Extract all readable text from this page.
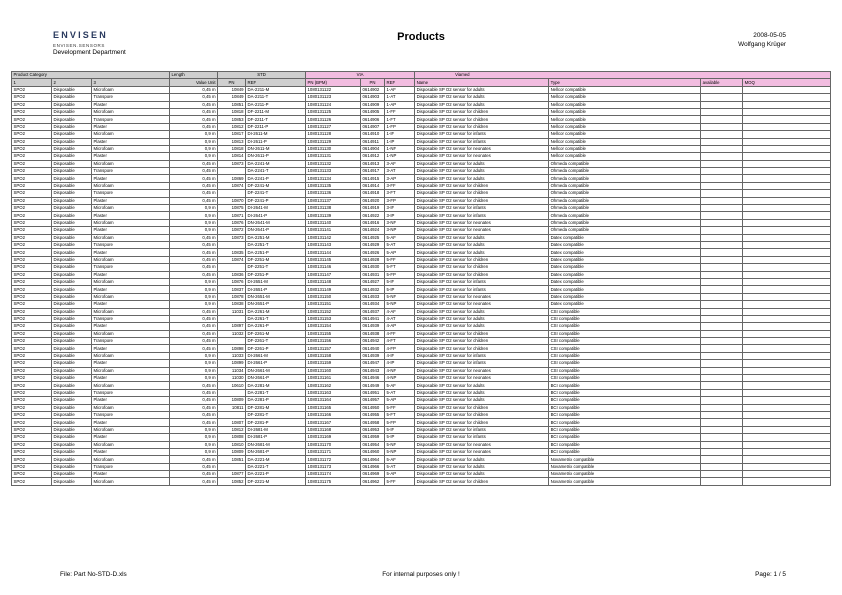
ENVISEN
ENVISEN.SENSORS
Development Department
Products	2008-05-05
Wolfgang Krüger
Product Category			Length	STD		VIA			Viamed			
1	2	3	Value Unit	PN	REF	PN (BPM)	PN	REF	Name	Type	available	MOQ
SPO2	Disposable	Microfoam	0,45 m	10849	DA-2211-M	1080131122	0614902	1-AF	Disposable SP O2 sensor for adults	Nellcor compatible		
SPO2	Disposable	Transpore	0,45 m	10849	DA-2211-T	1080131123	0614903	1-AT	Disposable SP O2 sensor for adults	Nellcor compatible		
SPO2	Disposable	Plaster	0,45 m	10851	DA-2211-P	1080131124	0614909	1-AP	Disposable SP O2 sensor for adults	Nellcor compatible		
SPO2	Disposable	Microfoam	0,45 m	10818	DF-2211-M	1080131125	0614905	1-FF	Disposable SP O2 sensor for children	Nellcor compatible		
SPO2	Disposable	Transpore	0,45 m	10853	DF-2211-T	1080131126	0614906	1-FT	Disposable SP O2 sensor for children	Nellcor compatible		
SPO2	Disposable	Plaster	0,45 m	10812	DF-2211-P	1080131127	0614907	1-FP	Disposable SP O2 sensor for children	Nellcor compatible		
SPO2	Disposable	Microfoam	0,9 m	10817	DI-2611-M	1080131128	0614910	1-IF	Disposable SP O2 sensor for infants	Nellcor compatible		
SPO2	Disposable	Plaster	0,9 m	10813	DI-2611-P	1080131129	0614911	1-IP	Disposable SP O2 sensor for infants	Nellcor compatible		
SPO2	Disposable	Microfoam	0,9 m	10818	DN-2611-M	1080131130	0614904	1-NF	Disposable SP O2 sensor for neonates	Nellcor compatible		
SPO2	Disposable	Plaster	0,9 m	10814	DN-2611-P	1080131131	0614912	1-NP	Disposable SP O2 sensor for neonates	Nellcor compatible		
SPO2	Disposable	Microfoam	0,45 m	10873	DA-2241-M	1080131132	0614913	3-AF	Disposable SP O2 sensor for adults	Ohmeda compatible		
SPO2	Disposable	Transpore	0,45 m		DA-2241-T	1080131133	0614917	3-AT	Disposable SP O2 sensor for adults	Ohmeda compatible		
SPO2	Disposable	Plaster	0,45 m	10869	DA-2241-P	1080131134	0614915	3-AP	Disposable SP O2 sensor for adults	Ohmeda compatible		
SPO2	Disposable	Microfoam	0,45 m	10874	DF-2241-M	1080131135	0614914	3-FF	Disposable SP O2 sensor for children	Ohmeda compatible		
SPO2	Disposable	Transpore	0,45 m		DF-2241-T	1080131136	0614918	3-FT	Disposable SP O2 sensor for children	Ohmeda compatible		
SPO2	Disposable	Plaster	0,45 m	10870	DF-2241-P	1080131137	0614920	3-FP	Disposable SP O2 sensor for children	Ohmeda compatible		
SPO2	Disposable	Microfoam	0,9 m	10875	DI-2641-M	1080131138	0614919	3-IF	Disposable SP O2 sensor for infants	Ohmeda compatible		
SPO2	Disposable	Plaster	0,9 m	10871	DI-2641-P	1080131139	0614922	3-IP	Disposable SP O2 sensor for infants	Ohmeda compatible		
SPO2	Disposable	Microfoam	0,9 m	10876	DN-2641-M	1080131140	0614916	3-NF	Disposable SP O2 sensor for neonates	Ohmeda compatible		
SPO2	Disposable	Plaster	0,9 m	10872	DN-2641-P	1080131141	0614924	3-NP	Disposable SP O2 sensor for neonates	Ohmeda compatible		
SPO2	Disposable	Microfoam	0,45 m	10873	DA-2251-M	1080131142	0614925	5-AF	Disposable SP O2 sensor for adults	Datex compatible		
SPO2	Disposable	Transpore	0,45 m		DA-2251-T	1080131143	0614929	5-AT	Disposable SP O2 sensor for adults	Datex compatible		
SPO2	Disposable	Plaster	0,45 m	10835	DA-2251-P	1080131144	0614926	5-AP	Disposable SP O2 sensor for adults	Datex compatible		
SPO2	Disposable	Microfoam	0,45 m	10874	DF-2251-M	1080131145	0614928	5-FF	Disposable SP O2 sensor for children	Datex compatible		
SPO2	Disposable	Transpore	0,45 m		DF-2251-T	1080131146	0614930	5-FT	Disposable SP O2 sensor for children	Datex compatible		
SPO2	Disposable	Plaster	0,45 m	10836	DF-2251-P	1080131147	0614931	5-FP	Disposable SP O2 sensor for children	Datex compatible		
SPO2	Disposable	Microfoam	0,9 m	10876	DI-2651-M	1080131148	0614927	5-IF	Disposable SP O2 sensor for infants	Datex compatible		
SPO2	Disposable	Plaster	0,9 m	10837	DI-2651-P	1080131149	0614932	5-IP	Disposable SP O2 sensor for infants	Datex compatible		
SPO2	Disposable	Microfoam	0,9 m	10878	DN-2651-M	1080131150	0614933	5-NF	Disposable SP O2 sensor for neonates	Datex compatible		
SPO2	Disposable	Plaster	0,9 m	10838	DN-2651-P	1080131151	0614934	5-NP	Disposable SP O2 sensor for neonates	Datex compatible		
SPO2	Disposable	Microfoam	0,45 m	11031	DA-2261-M	1080131152	0614937	4-AF	Disposable SP O2 sensor for adults	CSI compatible		
SPO2	Disposable	Transpore	0,45 m		DA-2261-T	1080131153	0614941	4-AT	Disposable SP O2 sensor for adults	CSI compatible		
SPO2	Disposable	Plaster	0,45 m	10897	DA-2261-P	1080131154	0614939	4-AP	Disposable SP O2 sensor for adults	CSI compatible		
SPO2	Disposable	Microfoam	0,45 m	11032	DF-2261-M	1080131155	0614938	4-FF	Disposable SP O2 sensor for children	CSI compatible		
SPO2	Disposable	Transpore	0,45 m		DF-2261-T	1080131156	0614942	4-FT	Disposable SP O2 sensor for children	CSI compatible		
SPO2	Disposable	Plaster	0,45 m	10898	DF-2261-P	1080131157	0614940	4-FP	Disposable SP O2 sensor for children	CSI compatible		
SPO2	Disposable	Microfoam	0,9 m	11033	DI-2661-M	1080131158	0614939	4-IF	Disposable SP O2 sensor for infants	CSI compatible		
SPO2	Disposable	Plaster	0,9 m	10899	DI-2661-P	1080131159	0614947	4-IP	Disposable SP O2 sensor for infants	CSI compatible		
SPO2	Disposable	Microfoam	0,9 m	11034	DN-2661-M	1080131160	0614943	4-NF	Disposable SP O2 sensor for neonates	CSI compatible		
SPO2	Disposable	Plaster	0,9 m	11030	DN-2661-P	1080131161	0614946	4-NP	Disposable SP O2 sensor for neonates	CSI compatible		
SPO2	Disposable	Microfoam	0,45 m	10610	DA-2281-M	1080131162	0614949	5-AF	Disposable SP O2 sensor for adults	BCI compatible		
SPO2	Disposable	Transpore	0,45 m		DA-2281-T	1080131163	0614951	5-AT	Disposable SP O2 sensor for adults	BCI compatible		
SPO2	Disposable	Plaster	0,45 m	10809	DA-2281-P	1080131164	0614957	5-AP	Disposable SP O2 sensor for adults	BCI compatible		
SPO2	Disposable	Microfoam	0,45 m	10811	DF-2281-M	1080131165	0614950	5-FF	Disposable SP O2 sensor for children	BCI compatible		
SPO2	Disposable	Transpore	0,45 m		DF-2281-T	1080131166	0614955	5-FT	Disposable SP O2 sensor for children	BCI compatible		
SPO2	Disposable	Plaster	0,45 m	10807	DF-2281-P	1080131167	0614958	5-FP	Disposable SP O2 sensor for children	BCI compatible		
SPO2	Disposable	Microfoam	0,9 m	10812	DI-2681-M	1080131168	0614953	5-IF	Disposable SP O2 sensor for infants	BCI compatible		
SPO2	Disposable	Plaster	0,9 m	10808	DI-2681-P	1080131169	0614959	5-IP	Disposable SP O2 sensor for infants	BCI compatible		
SPO2	Disposable	Microfoam	0,9 m	10810	DN-2681-M	1080131170	0614954	5-NF	Disposable SP O2 sensor for neonates	BCI compatible		
SPO2	Disposable	Plaster	0,9 m	10809	DN-2681-P	1080131171	0614960	5-NP	Disposable SP O2 sensor for neonates	BCI compatible		
SPO2	Disposable	Microfoam	0,45 m	10851	DA-2221-M	1080131172	0614964	5-AF	Disposable SP O2 sensor for adults	Novametrix compatible		
SPO2	Disposable	Transpore	0,45 m		DA-2221-T	1080131173	0614966	5-AT	Disposable SP O2 sensor for adults	Novametrix compatible		
SPO2	Disposable	Plaster	0,45 m	10877	DA-2221-P	1080131174	0614969	5-AP	Disposable SP O2 sensor for adults	Novametrix compatible		
SPO2	Disposable	Microfoam	0,45 m	10852	DF-2221-M	1080131175	0614962	5-FF	Disposable SP O2 sensor for children	Novametrix compatible		
File: Part No-STD-D.xls	For internal purposes only !	Page: 1 / 5
